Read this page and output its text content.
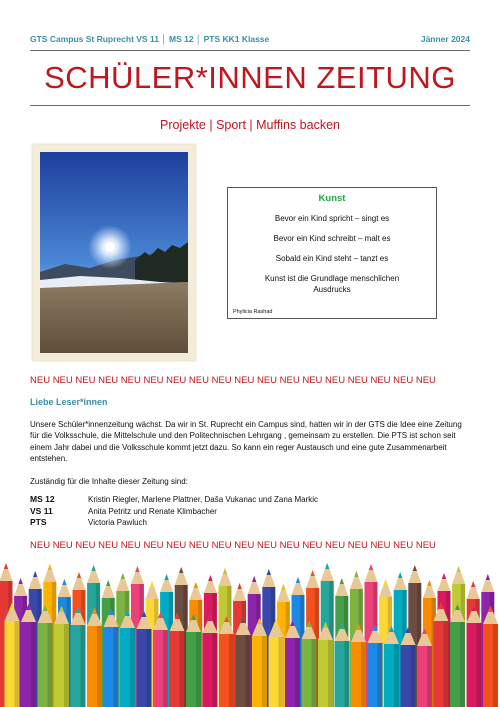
GTS Campus St Ruprecht VS 11 │ MS 12 │ PTS KK1 Klasse	Jänner 2024
SCHÜLER*INNEN ZEITUNG
Projekte | Sport | Muffins backen
Kunst
Bevor ein Kind spricht – singt es
Bevor ein Kind schreibt – malt es
Sobald ein Kind steht – tanzt es
Kunst ist die Grundlage menschlichen Ausdrucks
Phylicia Rashad
NEU NEU NEU NEU NEU NEU NEU NEU NEU NEU NEU NEU NEU NEU NEU NEU NEU NEU
Liebe Leser*innen
Unsere Schüler*innenzeitung wächst. Da wir in St. Ruprecht ein Campus sind, hatten wir in der GTS die Idee eine Zeitung für die Volksschule, die Mittelschule und den Politechnischen Lehrgang , gemeinsam zu erstellen. Die PTS ist schon seit einem Jahr dabei und die Volksschule kommt jetzt dazu. So kann ein reger Austausch und eine gute Zusammenarbeit entstehen.
Zuständig für die Inhalte dieser Zeitung sind:
MS 12	Kristin Riegler, Marlene Plattner, Daša Vukanac und Zana Markic
VS 11	Anita Petritz und Renate Klimbacher
PTS	Victoria Pawluch
NEU NEU NEU NEU NEU NEU NEU NEU NEU NEU NEU NEU NEU NEU NEU NEU NEU NEU
